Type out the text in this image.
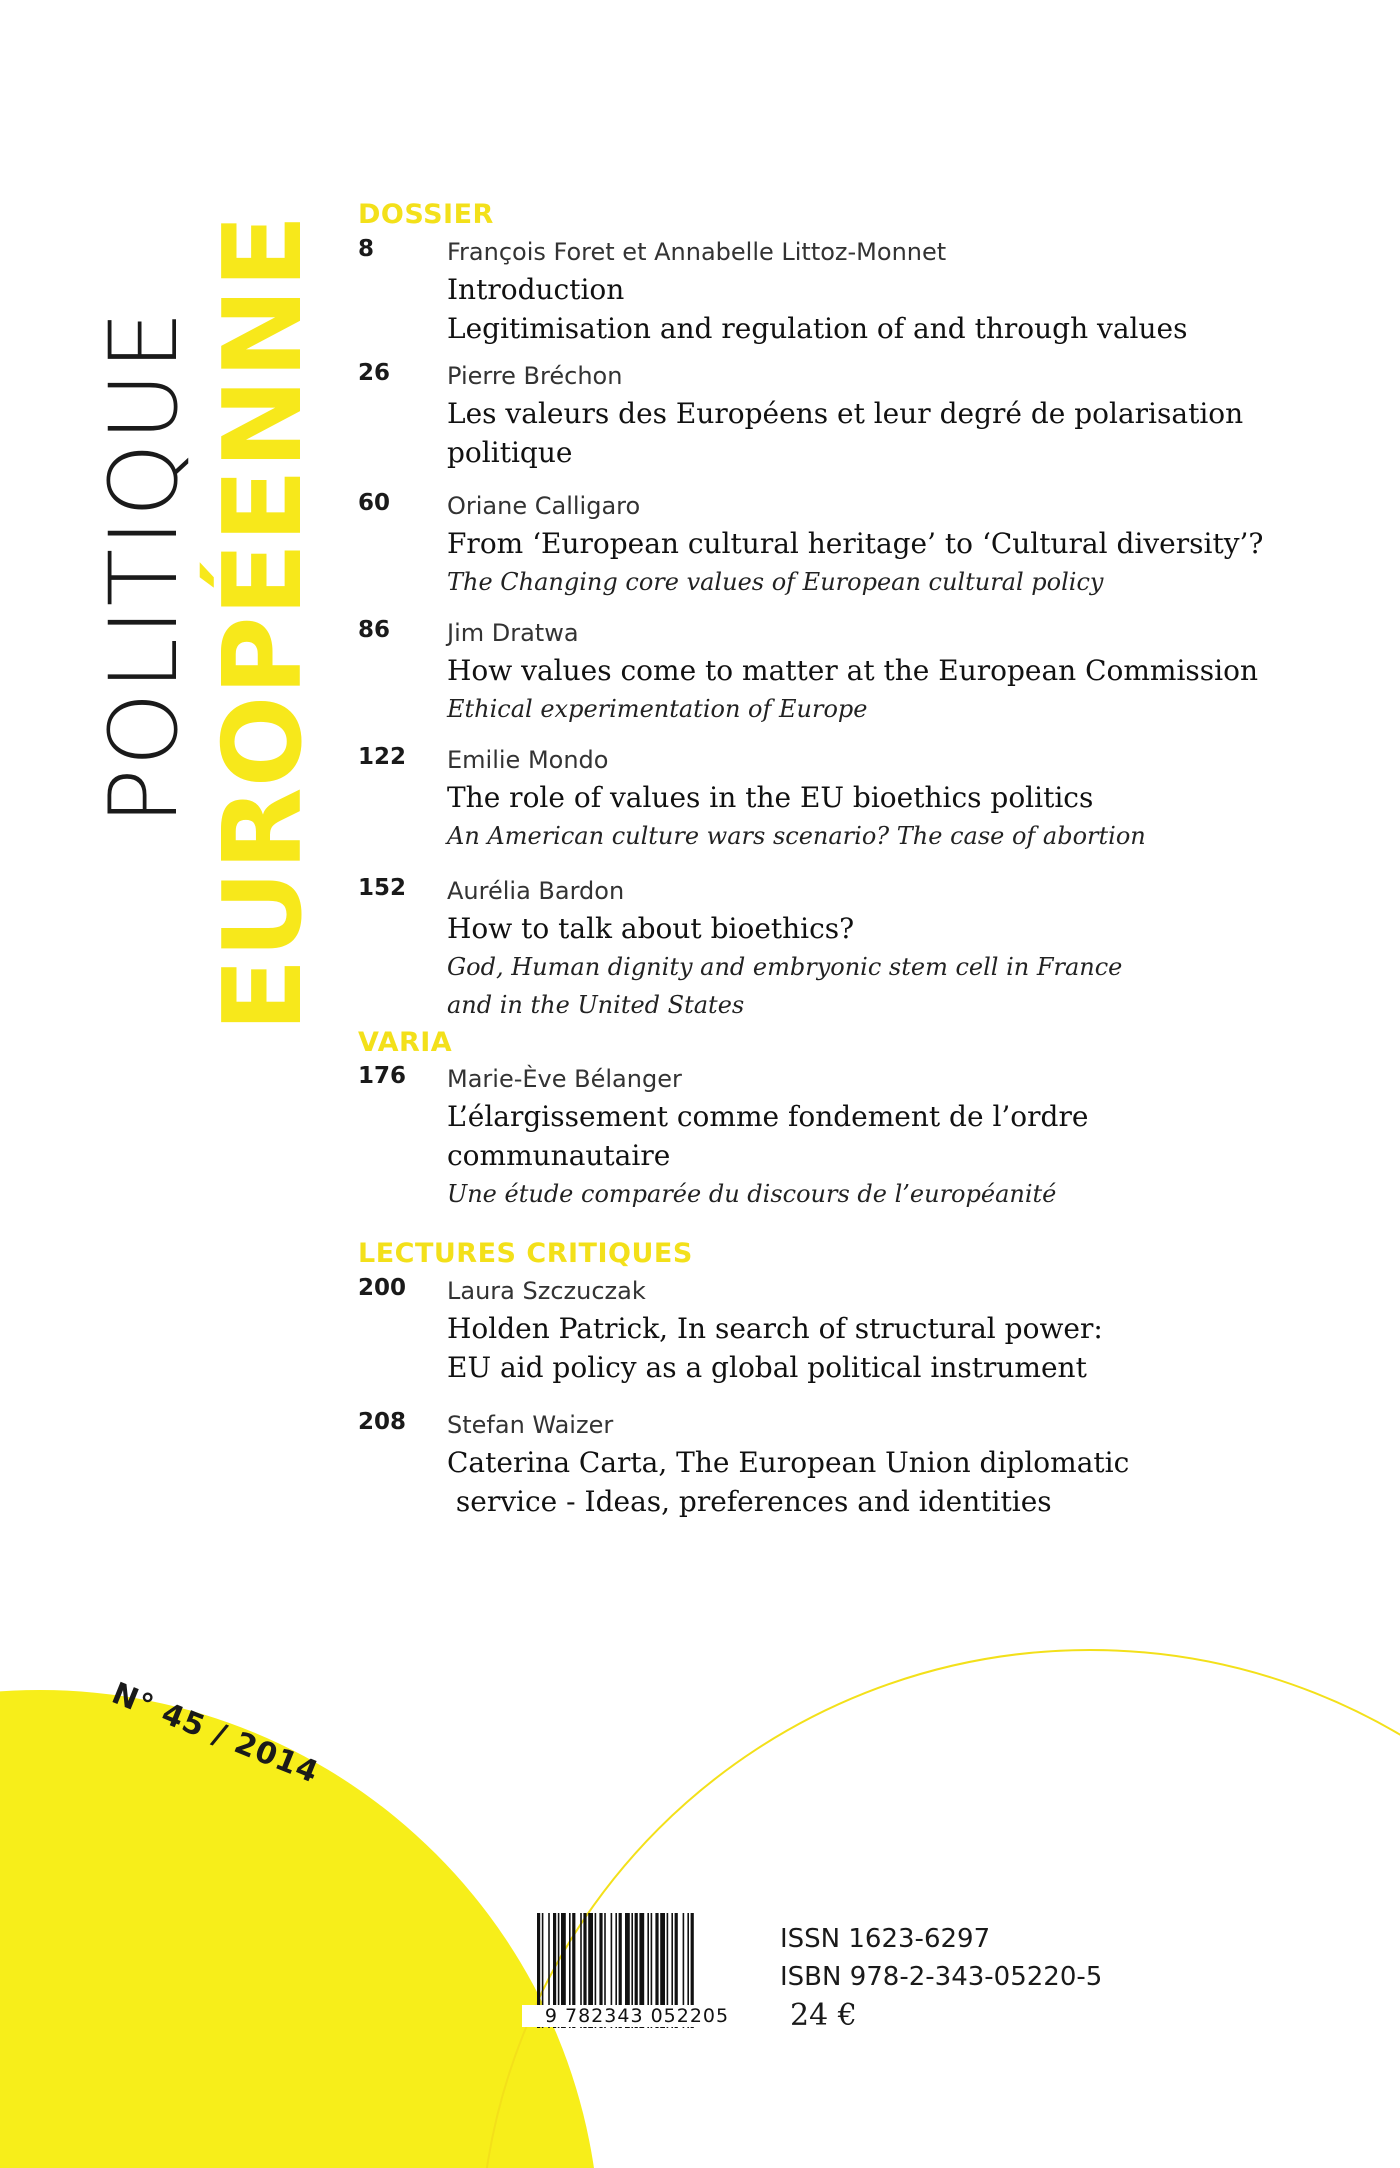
POLITIQUE EUROPÉENNE DOSSIER
8	François Foret et Annabelle Littoz-Monnet
Introduction
Legitimisation and regulation of and through values
26 Pierre Bréchon
Les valeurs des Européens et leur degré de polarisation
politique
60 Oriane Calligaro
From ‘European cultural heritage’ to ‘Cultural diversity’?
The Changing core values of European cultural policy
86 Jim Dratwa
How values come to matter at the European Commission
Ethical experimentation of Europe
122 Emilie Mondo
The role of values in the EU bioethics politics
An American culture wars scenario? The case of abortion
152 Aurélia Bardon
How to talk about bioethics?
God, Human dignity and embryonic stem cell in France
and in the United States
VARIA
176 Marie-Ève Bélanger
L’élargissement comme fondement de l’ordre
communautaire
Une étude comparée du discours de l’européanité
LECTURES CRITIQUES
200 Laura Szczuczak
Holden Patrick, In search of structural power:
EU aid policy as a global political instrument
208 Stefan Waizer
Caterina Carta, The European Union diplomatic
service - Ideas, preferences and identities
N° 45 / 2014
9 782343 052205
ISSN 1623-6297
ISBN 978-2-343-05220-5
24 €
